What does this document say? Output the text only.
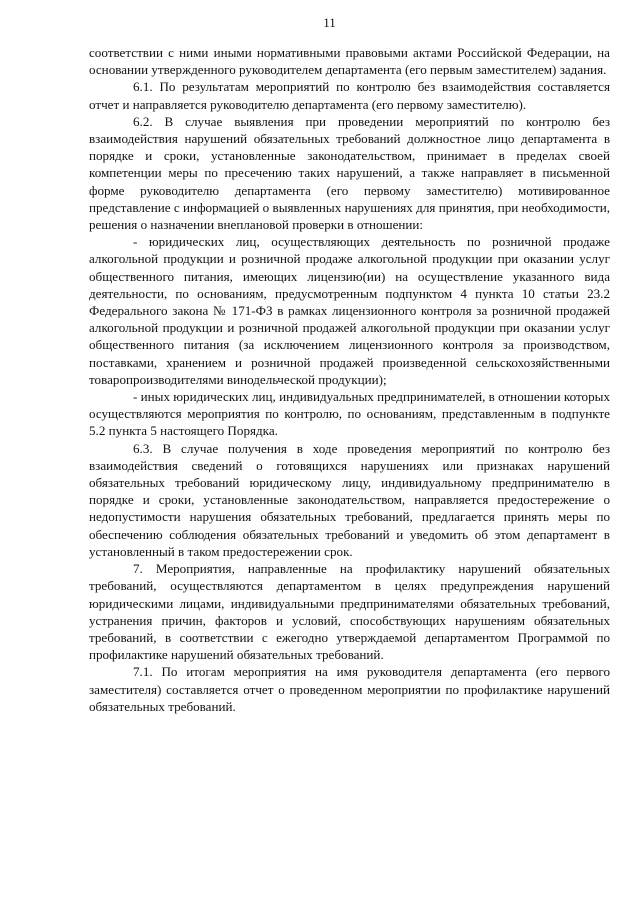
11

соответствии с ними иными нормативными правовыми актами Российской Федерации, на основании утвержденного руководителем департамента (его первым заместителем) задания.

6.1. По результатам мероприятий по контролю без взаимодействия составляется отчет и направляется руководителю департамента (его первому заместителю).

6.2. В случае выявления при проведении мероприятий по контролю без взаимодействия нарушений обязательных требований должностное лицо департамента в порядке и сроки, установленные законодательством, принимает в пределах своей компетенции меры по пресечению таких нарушений, а также направляет в письменной форме руководителю департамента (его первому заместителю) мотивированное представление с информацией о выявленных нарушениях для принятия, при необходимости, решения о назначении внеплановой проверки в отношении:

- юридических лиц, осуществляющих деятельность по розничной продаже алкогольной продукции и розничной продаже алкогольной продукции при оказании услуг общественного питания, имеющих лицензию(ии) на осуществление указанного вида деятельности, по основаниям, предусмотренным подпунктом 4 пункта 10 статьи 23.2 Федерального закона № 171-ФЗ в рамках лицензионного контроля за розничной продажей алкогольной продукции и розничной продажей алкогольной продукции при оказании услуг общественного питания (за исключением лицензионного контроля за производством, поставками, хранением и розничной продажей произведенной сельскохозяйственными товаропроизводителями винодельческой продукции);

- иных юридических лиц, индивидуальных предпринимателей, в отношении которых осуществляются мероприятия по контролю, по основаниям, представленным в подпункте 5.2 пункта 5 настоящего Порядка.

6.3. В случае получения в ходе проведения мероприятий по контролю без взаимодействия сведений о готовящихся нарушениях или признаках нарушений обязательных требований юридическому лицу, индивидуальному предпринимателю в порядке и сроки, установленные законодательством, направляется предостережение о недопустимости нарушения обязательных требований, предлагается принять меры по обеспечению соблюдения обязательных требований и уведомить об этом департамент в установленный в таком предостережении срок.

7. Мероприятия, направленные на профилактику нарушений обязательных требований, осуществляются департаментом в целях предупреждения нарушений юридическими лицами, индивидуальными предпринимателями обязательных требований, устранения причин, факторов и условий, способствующих нарушениям обязательных требований, в соответствии с ежегодно утверждаемой департаментом Программой по профилактике нарушений обязательных требований.

7.1. По итогам мероприятия на имя руководителя департамента (его первого заместителя) составляется отчет о проведенном мероприятии по профилактике нарушений обязательных требований.
